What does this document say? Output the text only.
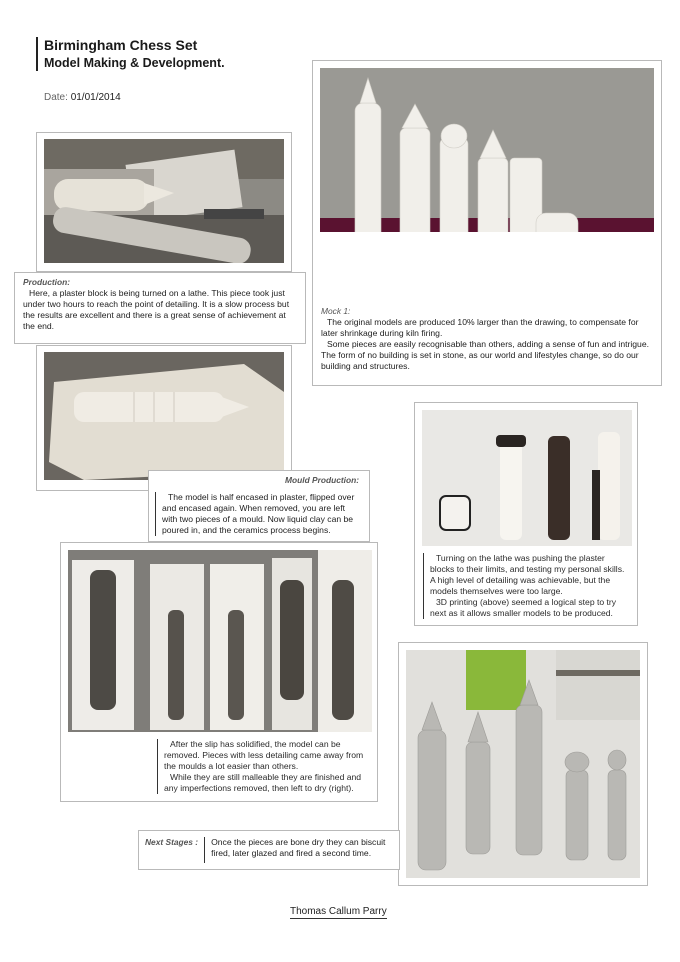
Birmingham Chess Set
Model Making & Development.
Date: 01/01/2014
Production:

Here, a plaster block is being turned on a lathe. This piece took just under two hours to reach the point of detailing. It is a slow process but the results are excellent and there is a great sense of achievement at the end.

Mock 1:

The original models are produced 10% larger than the drawing, to compensate for later shrinkage during kiln firing.

Some pieces are easily recognisable than others, adding a sense of fun and intrigue. The form of no building is set in stone, as our world and lifestyles change, so do our building and structures.

Mould Production:

The model is half encased in plaster, flipped over and encased again. When removed, you are left with two pieces of a mould. Now liquid clay can be poured in, and the ceramics process begins.

Turning on the lathe was pushing the plaster blocks to their limits, and testing my personal skills. A high level of detailing was achievable, but the models themselves were too large.

3D printing (above) seemed a logical step to try next as it allows smaller models to be produced.

After the slip has solidified, the model can be removed. Pieces with less detailing came away from the moulds a lot easier than others.

While they are still malleable they are finished and any imperfections removed, then left to dry (right).

Next Stages : Once the pieces are bone dry they can biscuit fired, later glazed and fired a second time.
Thomas Callum Parry
